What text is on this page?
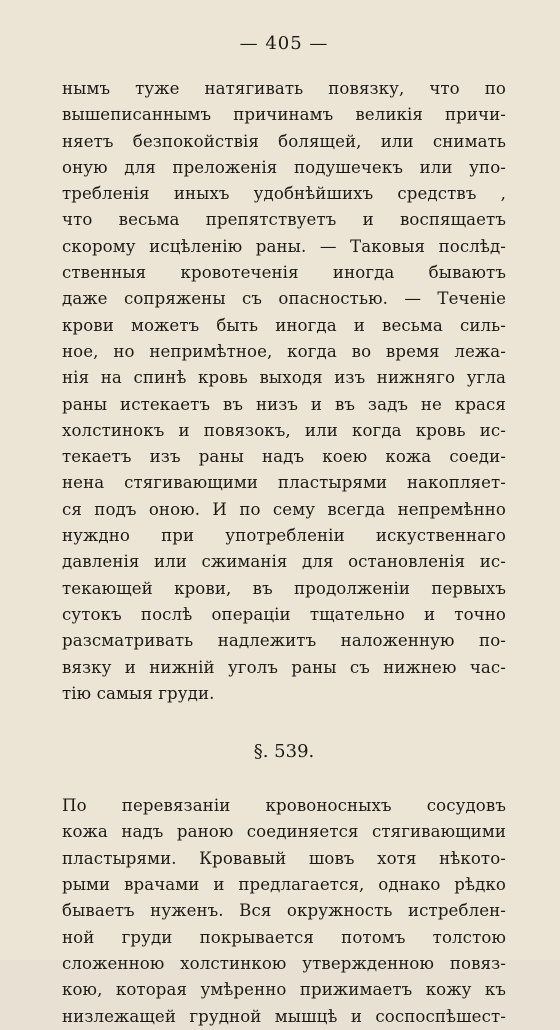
— 405 —
нымъ туже натягивать повязку, что по
вышеписаннымъ причинамъ великія причи-
няетъ безпокойствія болящей, или снимать
оную для преложенія подушечекъ или упо-
требленія иныхъ удобнѣйшихъ средствъ ,
что весьма препятствуетъ и воспящаетъ
скорому исцѣленію раны. — Таковыя послѣд-
ственныя кровотеченія иногда бываютъ
даже сопряжены съ опасностью. — Теченіе
крови можетъ быть иногда и весьма силь-
ное, но непримѣтное, когда во время лежа-
нія на спинѣ кровь выходя изъ нижняго угла
раны истекаетъ въ низъ и въ задъ не крася
холстинокъ и повязокъ, или когда кровь ис-
текаетъ изъ раны надъ коею кожа соеди-
нена стягивающими пластырями накопляет-
ся подъ оною. И по сему всегда непремѣнно
нуждно при употребленіи искуственнаго
давленія или сжиманія для остановленія ис-
текающей крови, въ продолженіи первыхъ
сутокъ послѣ операціи тщательно и точно
разсматривать надлежитъ наложенную по-
вязку и нижній уголъ раны съ нижнею час-
тію самыя груди.
§. 539.
По перевязаніи кровоносныхъ сосудовъ
кожа надъ раною соединяется стягивающими
пластырями. Кровавый шовъ хотя нѣкото-
рыми врачами и предлагается, однако рѣдко
бываетъ нуженъ. Вся окружность истреблен-
ной груди покрывается потомъ толстою
сложенною холстинкою утвержденною повяз-
кою, которая умѣренно прижимаетъ кожу къ
низлежащей грудной мышцѣ и соспоспѣшест-
